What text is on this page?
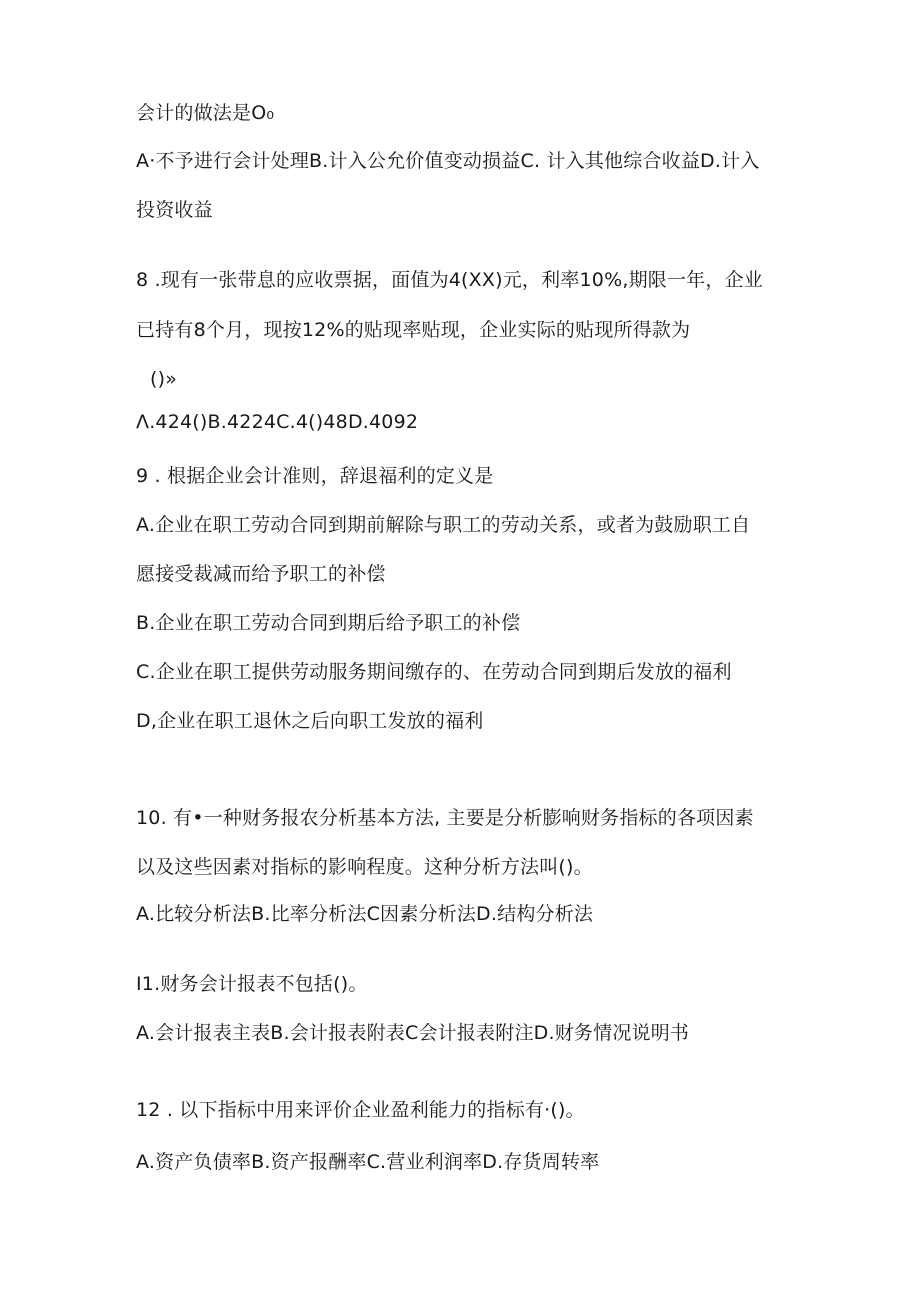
会计的做法是O₀
A·不予进行会计处理B.计入公允价值变动损益C. 计入其他综合收益D.计入
投资收益
8 .现有一张带息的应收票据，面值为4(XX)元，利率10%,期限一年，企业
已持有8个月，现按12%的贴现率贴现，企业实际的贴现所得款为
()»
Λ.424()B.4224C.4()48D.4092
9 . 根据企业会计准则，辞退福利的定义是
A.企业在职工劳动合同到期前解除与职工的劳动关系，或者为鼓励职工自
愿接受裁减而给予职工的补偿
B.企业在职工劳动合同到期后给予职工的补偿
C.企业在职工提供劳动服务期间缴存的、在劳动合同到期后发放的福利
D,企业在职工退休之后向职工发放的福利
10. 有•一种财务报农分析基本方法, 主要是分析膨响财务指标的各项因素
以及这些因素对指标的影响程度。这种分析方法叫()。
A.比较分析法B.比率分析法C因素分析法D.结构分析法
I1.财务会计报表不包括()。
A.会计报表主表B.会计报表附表C会计报表附注D.财务情况说明书
12 . 以下指标中用来评价企业盈利能力的指标有·()。
A.资产负债率B.资产报酬率C.营业利润率D.存货周转率
